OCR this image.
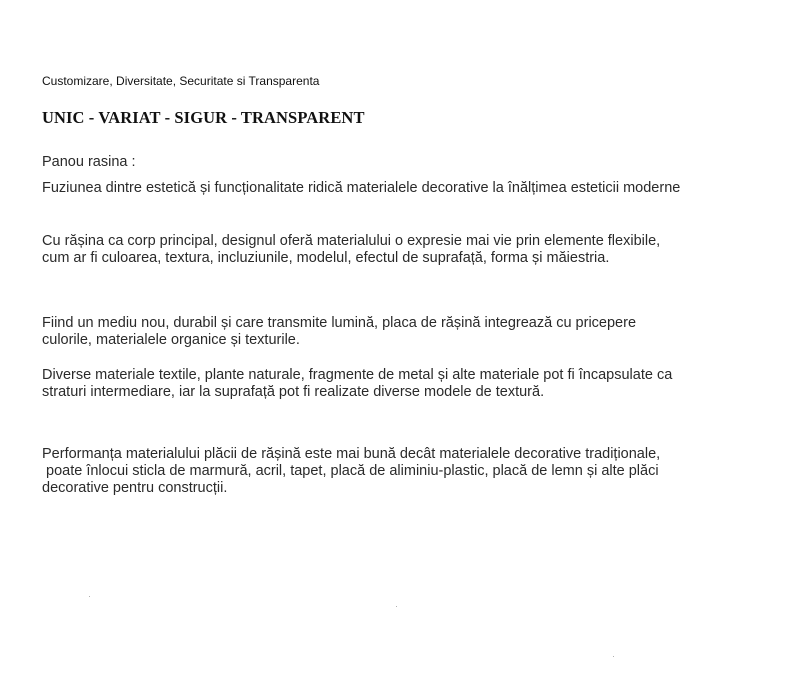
Customizare, Diversitate, Securitate si Transparenta

UNIC - VARIAT - SIGUR - TRANSPARENT

Panou rasina :

Fuziunea dintre estetică și funcționalitate ridică materialele decorative la înălțimea esteticii moderne

Cu rășina ca corp principal, designul oferă materialului o expresie mai vie prin elemente flexibile,
cum ar fi culoarea, textura, incluziunile, modelul, efectul de suprafață, forma și măiestria.

Fiind un mediu nou, durabil și care transmite lumină, placa de rășină integrează cu pricepere
culorile, materialele organice și texturile.

Diverse materiale textile, plante naturale, fragmente de metal și alte materiale pot fi încapsulate ca
straturi intermediare, iar la suprafață pot fi realizate diverse modele de textură.

Performanța materialului plăcii de rășină este mai bună decât materialele decorative tradiționale,
poate înlocui sticla de marmură, acril, tapet, placă de aliminiu-plastic, placă de lemn și alte plăci
decorative pentru construcții.
